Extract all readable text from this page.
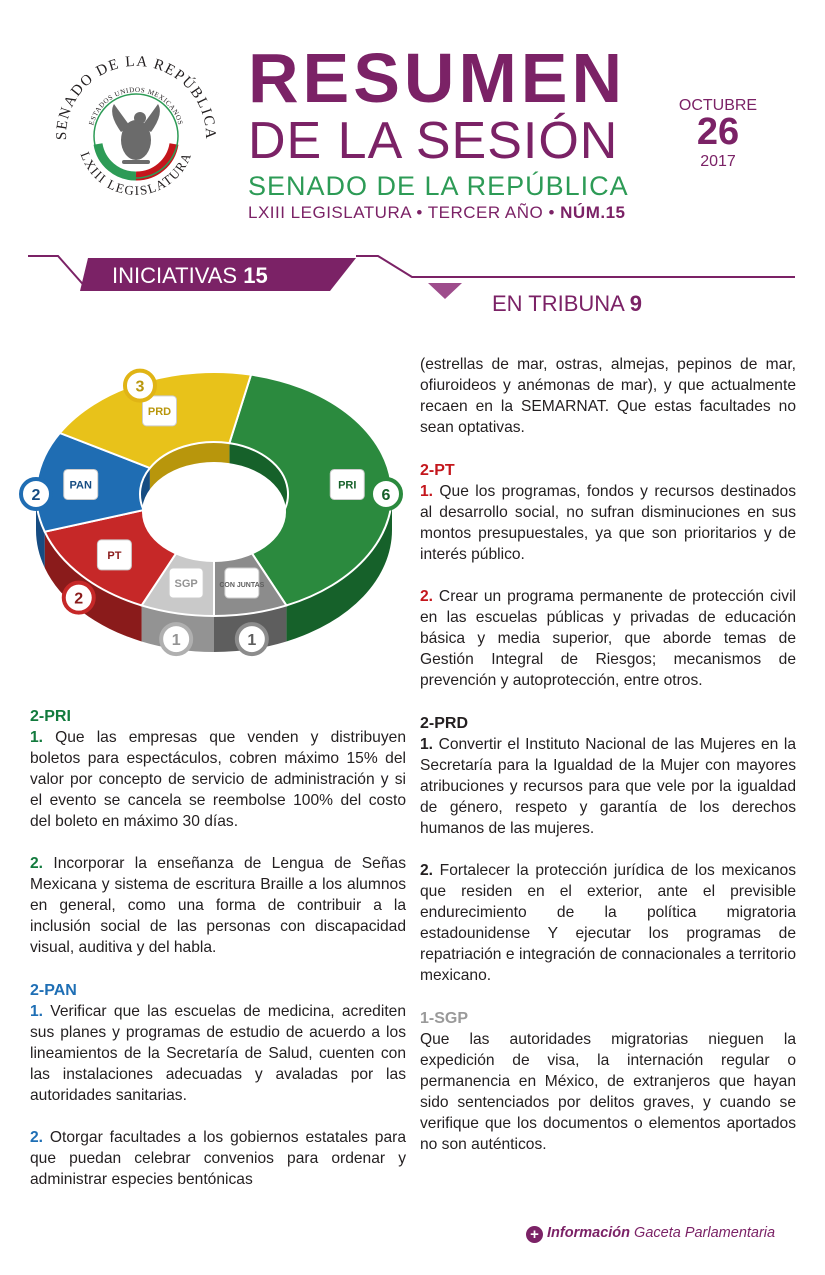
SENADO DE LA REPÚBLICA
LXIII LEGISLATURA
ESTADOS UNIDOS MEXICANOS
RESUMEN
DE LA SESIÓN
SENADO DE LA REPÚBLICA
LXIII LEGISLATURA • TERCER AÑO • NÚM.15
OCTUBRE
26
2017
INICIATIVAS 15
EN TRIBUNA 9
PRI
6
CON JUNTAS
1
SGP
1
PT
2
PAN
2
PRD
3
2-PRI

1. Que las empresas que venden y distribuyen boletos para espectáculos, cobren máximo 15% del valor por concepto de servicio de administración y si el evento se cancela se reembolse 100% del costo del boleto en máximo 30 días.

2. Incorporar la enseñanza de Lengua de Señas Mexicana y sistema de escritura Braille a los alumnos en general, como una forma de contribuir a la inclusión social de las personas con discapacidad visual, auditiva y del habla.

2-PAN

1. Verificar que las escuelas de medicina, acrediten sus planes y programas de estudio de acuerdo a los lineamientos de la Secretaría de Salud, cuenten con las instalaciones adecuadas y avaladas por las autoridades sanitarias.

2. Otorgar facultades a los gobiernos estatales para que puedan celebrar convenios para ordenar y administrar especies bentónicas

(estrellas de mar, ostras, almejas, pepinos de mar, ofiuroideos y anémonas de mar), y que actualmente recaen en la SEMARNAT. Que estas facultades no sean optativas.

2-PT

1. Que los programas, fondos y recursos destinados al desarrollo social, no sufran disminuciones en sus montos presupuestales, ya que son prioritarios y de interés público.

2. Crear un programa permanente de protección civil en las escuelas públicas y privadas de educación básica y media superior, que aborde temas de Gestión Integral de Riesgos; mecanismos de prevención y autoprotección, entre otros.

2-PRD

1. Convertir el Instituto Nacional de las Mujeres en la Secretaría para la Igualdad de la Mujer con mayores atribuciones y recursos para que vele por la igualdad de género, respeto y garantía de los derechos humanos de las mujeres.

2. Fortalecer la protección jurídica de los mexicanos que residen en el exterior, ante el previsible endurecimiento de la política migratoria estadounidense Y ejecutar los programas de repatriación e integración de connacionales a territorio mexicano.

1-SGP

Que las autoridades migratorias nieguen la expedición de visa, la internación regular o permanencia en México, de extranjeros que hayan sido sentenciados por delitos graves, y cuando se verifique que los documentos o elementos aportados no son auténticos.

+ Información Gaceta Parlamentaria
